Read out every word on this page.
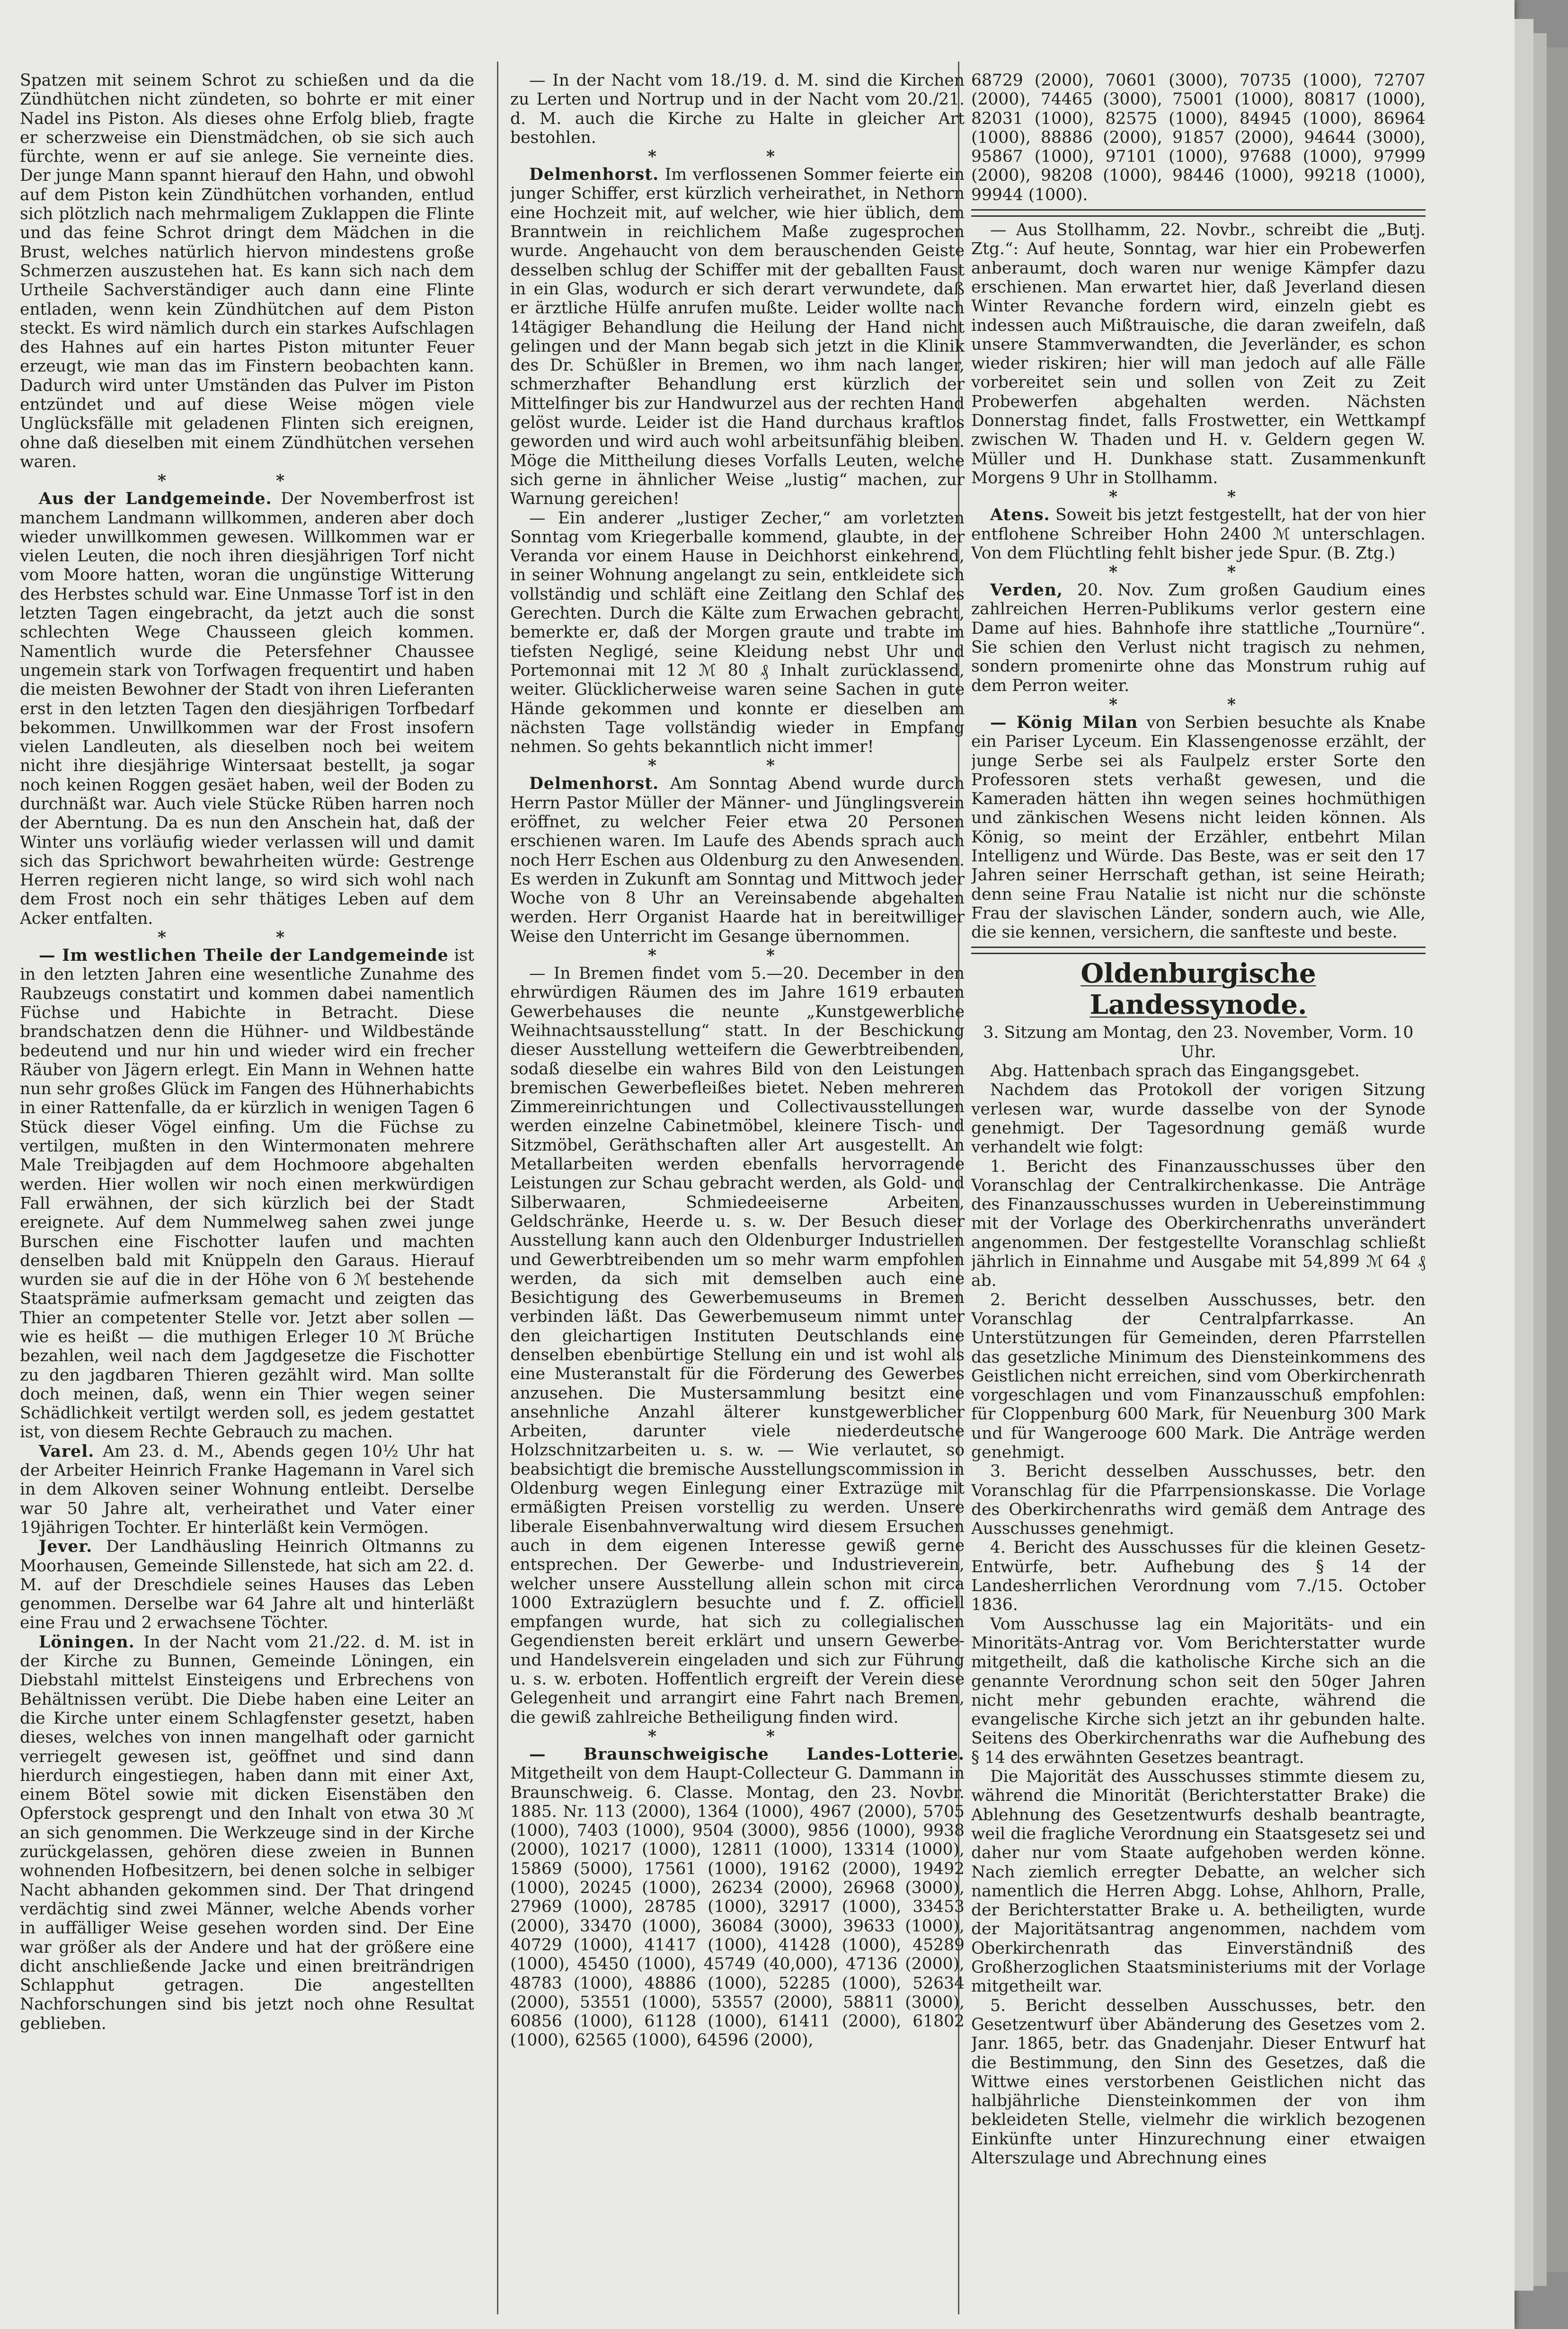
Spatzen mit seinem Schrot zu schießen und da die Zündhütchen nicht zündeten, so bohrte er mit einer Nadel ins Piston. Als dieses ohne Erfolg blieb, fragte er scherzweise ein Dienstmädchen, ob sie sich auch fürchte, wenn er auf sie anlege. Sie verneinte dies. Der junge Mann spannt hierauf den Hahn, und obwohl auf dem Piston kein Zündhütchen vorhanden, entlud sich plötzlich nach mehrmaligem Zuklappen die Flinte und das feine Schrot dringt dem Mädchen in die Brust, welches natürlich hiervon mindestens große Schmerzen auszustehen hat. Es kann sich nach dem Urtheile Sachverständiger auch dann eine Flinte entladen, wenn kein Zündhütchen auf dem Piston steckt. Es wird nämlich durch ein starkes Aufschlagen des Hahnes auf ein hartes Piston mitunter Feuer erzeugt, wie man das im Finstern beobachten kann. Dadurch wird unter Umständen das Pulver im Piston entzündet und auf diese Weise mögen viele Unglücksfälle mit geladenen Flinten sich ereignen, ohne daß dieselben mit einem Zündhütchen versehen waren.

* *

Aus der Landgemeinde. Der Novemberfrost ist manchem Landmann willkommen, anderen aber doch wieder unwillkommen gewesen. Willkommen war er vielen Leuten, die noch ihren diesjährigen Torf nicht vom Moore hatten, woran die ungünstige Witterung des Herbstes schuld war. Eine Unmasse Torf ist in den letzten Tagen eingebracht, da jetzt auch die sonst schlechten Wege Chausseen gleich kommen. Namentlich wurde die Petersfehner Chaussee ungemein stark von Torfwagen frequentirt und haben die meisten Bewohner der Stadt von ihren Lieferanten erst in den letzten Tagen den diesjährigen Torfbedarf bekommen. Unwillkommen war der Frost insofern vielen Landleuten, als dieselben noch bei weitem nicht ihre diesjährige Wintersaat bestellt, ja sogar noch keinen Roggen gesäet haben, weil der Boden zu durchnäßt war. Auch viele Stücke Rüben harren noch der Aberntung. Da es nun den Anschein hat, daß der Winter uns vorläufig wieder verlassen will und damit sich das Sprichwort bewahrheiten würde: Gestrenge Herren regieren nicht lange, so wird sich wohl nach dem Frost noch ein sehr thätiges Leben auf dem Acker entfalten.

* *

— Im westlichen Theile der Landgemeinde ist in den letzten Jahren eine wesentliche Zunahme des Raubzeugs constatirt und kommen dabei namentlich Füchse und Habichte in Betracht. Diese brandschatzen denn die Hühner- und Wildbestände bedeutend und nur hin und wieder wird ein frecher Räuber von Jägern erlegt. Ein Mann in Wehnen hatte nun sehr großes Glück im Fangen des Hühnerhabichts in einer Rattenfalle, da er kürzlich in wenigen Tagen 6 Stück dieser Vögel einfing. Um die Füchse zu vertilgen, mußten in den Wintermonaten mehrere Male Treibjagden auf dem Hochmoore abgehalten werden. Hier wollen wir noch einen merkwürdigen Fall erwähnen, der sich kürzlich bei der Stadt ereignete. Auf dem Nummelweg sahen zwei junge Burschen eine Fischotter laufen und machten denselben bald mit Knüppeln den Garaus. Hierauf wurden sie auf die in der Höhe von 6 ℳ bestehende Staatsprämie aufmerksam gemacht und zeigten das Thier an competenter Stelle vor. Jetzt aber sollen — wie es heißt — die muthigen Erleger 10 ℳ Brüche bezahlen, weil nach dem Jagdgesetze die Fischotter zu den jagdbaren Thieren gezählt wird. Man sollte doch meinen, daß, wenn ein Thier wegen seiner Schädlichkeit vertilgt werden soll, es jedem gestattet ist, von diesem Rechte Gebrauch zu machen.

Varel. Am 23. d. M., Abends gegen 10½ Uhr hat der Arbeiter Heinrich Franke Hagemann in Varel sich in dem Alkoven seiner Wohnung entleibt. Derselbe war 50 Jahre alt, verheirathet und Vater einer 19jährigen Tochter. Er hinterläßt kein Vermögen.

Jever. Der Landhäusling Heinrich Oltmanns zu Moorhausen, Gemeinde Sillenstede, hat sich am 22. d. M. auf der Dreschdiele seines Hauses das Leben genommen. Derselbe war 64 Jahre alt und hinterläßt eine Frau und 2 erwachsene Töchter.

Löningen. In der Nacht vom 21./22. d. M. ist in der Kirche zu Bunnen, Gemeinde Löningen, ein Diebstahl mittelst Einsteigens und Erbrechens von Behältnissen verübt. Die Diebe haben eine Leiter an die Kirche unter einem Schlagfenster gesetzt, haben dieses, welches von innen mangelhaft oder garnicht verriegelt gewesen ist, geöffnet und sind dann hierdurch eingestiegen, haben dann mit einer Axt, einem Bötel sowie mit dicken Eisenstäben den Opferstock gesprengt und den Inhalt von etwa 30 ℳ an sich genommen. Die Werkzeuge sind in der Kirche zurückgelassen, gehören diese zweien in Bunnen wohnenden Hofbesitzern, bei denen solche in selbiger Nacht abhanden gekommen sind. Der That dringend verdächtig sind zwei Männer, welche Abends vorher in auffälliger Weise gesehen worden sind. Der Eine war größer als der Andere und hat der größere eine dicht anschließende Jacke und einen breiträndrigen Schlapphut getragen. Die angestellten Nachforschungen sind bis jetzt noch ohne Resultat geblieben.

— In der Nacht vom 18./19. d. M. sind die Kirchen zu Lerten und Nortrup und in der Nacht vom 20./21. d. M. auch die Kirche zu Halte in gleicher Art bestohlen.

* *

Delmenhorst. Im verflossenen Sommer feierte ein junger Schiffer, erst kürzlich verheirathet, in Nethorn eine Hochzeit mit, auf welcher, wie hier üblich, dem Branntwein in reichlichem Maße zugesprochen wurde. Angehaucht von dem berauschenden Geiste desselben schlug der Schiffer mit der geballten Faust in ein Glas, wodurch er sich derart verwundete, daß er ärztliche Hülfe anrufen mußte. Leider wollte nach 14tägiger Behandlung die Heilung der Hand nicht gelingen und der Mann begab sich jetzt in die Klinik des Dr. Schüßler in Bremen, wo ihm nach langer, schmerzhafter Behandlung erst kürzlich der Mittelfinger bis zur Handwurzel aus der rechten Hand gelöst wurde. Leider ist die Hand durchaus kraftlos geworden und wird auch wohl arbeitsunfähig bleiben. Möge die Mittheilung dieses Vorfalls Leuten, welche sich gerne in ähnlicher Weise „lustig“ machen, zur Warnung gereichen!

— Ein anderer „lustiger Zecher,“ am vorletzten Sonntag vom Kriegerballe kommend, glaubte, in der Veranda vor einem Hause in Deichhorst einkehrend, in seiner Wohnung angelangt zu sein, entkleidete sich vollständig und schläft eine Zeitlang den Schlaf des Gerechten. Durch die Kälte zum Erwachen gebracht, bemerkte er, daß der Morgen graute und trabte im tiefsten Negligé, seine Kleidung nebst Uhr und Portemonnai mit 12 ℳ 80 ₰ Inhalt zurücklassend, weiter. Glücklicherweise waren seine Sachen in gute Hände gekommen und konnte er dieselben am nächsten Tage vollständig wieder in Empfang nehmen. So gehts bekanntlich nicht immer!

* *

Delmenhorst. Am Sonntag Abend wurde durch Herrn Pastor Müller der Männer- und Jünglingsverein eröffnet, zu welcher Feier etwa 20 Personen erschienen waren. Im Laufe des Abends sprach auch noch Herr Eschen aus Oldenburg zu den Anwesenden. Es werden in Zukunft am Sonntag und Mittwoch jeder Woche von 8 Uhr an Vereinsabende abgehalten werden. Herr Organist Haarde hat in bereitwilliger Weise den Unterricht im Gesange übernommen.

* *

— In Bremen findet vom 5.—20. December in den ehrwürdigen Räumen des im Jahre 1619 erbauten Gewerbehauses die neunte „Kunstgewerbliche Weihnachtsausstellung“ statt. In der Beschickung dieser Ausstellung wetteifern die Gewerbtreibenden, sodaß dieselbe ein wahres Bild von den Leistungen bremischen Gewerbefleißes bietet. Neben mehreren Zimmereinrichtungen und Collectivausstellungen werden einzelne Cabinetmöbel, kleinere Tisch- und Sitzmöbel, Geräthschaften aller Art ausgestellt. An Metallarbeiten werden ebenfalls hervorragende Leistungen zur Schau gebracht werden, als Gold- und Silberwaaren, Schmiedeeiserne Arbeiten, Geldschränke, Heerde u. s. w. Der Besuch dieser Ausstellung kann auch den Oldenburger Industriellen und Gewerbtreibenden um so mehr warm empfohlen werden, da sich mit demselben auch eine Besichtigung des Gewerbemuseums in Bremen verbinden läßt. Das Gewerbemuseum nimmt unter den gleichartigen Instituten Deutschlands eine denselben ebenbürtige Stellung ein und ist wohl als eine Musteranstalt für die Förderung des Gewerbes anzusehen. Die Mustersammlung besitzt eine ansehnliche Anzahl älterer kunstgewerblicher Arbeiten, darunter viele niederdeutsche Holzschnitzarbeiten u. s. w. — Wie verlautet, so beabsichtigt die bremische Ausstellungscommission in Oldenburg wegen Einlegung einer Extrazüge mit ermäßigten Preisen vorstellig zu werden. Unsere liberale Eisenbahnverwaltung wird diesem Ersuchen auch in dem eigenen Interesse gewiß gerne entsprechen. Der Gewerbe- und Industrieverein, welcher unsere Ausstellung allein schon mit circa 1000 Extrazüglern besuchte und f. Z. officiell empfangen wurde, hat sich zu collegialischen Gegendiensten bereit erklärt und unsern Gewerbe- und Handelsverein eingeladen und sich zur Führung u. s. w. erboten. Hoffentlich ergreift der Verein diese Gelegenheit und arrangirt eine Fahrt nach Bremen, die gewiß zahlreiche Betheiligung finden wird.

* *

— Braunschweigische Landes-Lotterie. Mitgetheilt von dem Haupt-Collecteur G. Dammann in Braunschweig. 6. Classe. Montag, den 23. Novbr. 1885. Nr. 113 (2000), 1364 (1000), 4967 (2000), 5705 (1000), 7403 (1000), 9504 (3000), 9856 (1000), 9938 (2000), 10217 (1000), 12811 (1000), 13314 (1000), 15869 (5000), 17561 (1000), 19162 (2000), 19492 (1000), 20245 (1000), 26234 (2000), 26968 (3000), 27969 (1000), 28785 (1000), 32917 (1000), 33453 (2000), 33470 (1000), 36084 (3000), 39633 (1000), 40729 (1000), 41417 (1000), 41428 (1000), 45289 (1000), 45450 (1000), 45749 (40,000), 47136 (2000), 48783 (1000), 48886 (1000), 52285 (1000), 52634 (2000), 53551 (1000), 53557 (2000), 58811 (3000), 60856 (1000), 61128 (1000), 61411 (2000), 61802 (1000), 62565 (1000), 64596 (2000),

68729 (2000), 70601 (3000), 70735 (1000), 72707 (2000), 74465 (3000), 75001 (1000), 80817 (1000), 82031 (1000), 82575 (1000), 84945 (1000), 86964 (1000), 88886 (2000), 91857 (2000), 94644 (3000), 95867 (1000), 97101 (1000), 97688 (1000), 97999 (2000), 98208 (1000), 98446 (1000), 99218 (1000), 99944 (1000).

— Aus Stollhamm, 22. Novbr., schreibt die „Butj. Ztg.“: Auf heute, Sonntag, war hier ein Probewerfen anberaumt, doch waren nur wenige Kämpfer dazu erschienen. Man erwartet hier, daß Jeverland diesen Winter Revanche fordern wird, einzeln giebt es indessen auch Mißtrauische, die daran zweifeln, daß unsere Stammverwandten, die Jeverländer, es schon wieder riskiren; hier will man jedoch auf alle Fälle vorbereitet sein und sollen von Zeit zu Zeit Probewerfen abgehalten werden. Nächsten Donnerstag findet, falls Frostwetter, ein Wettkampf zwischen W. Thaden und H. v. Geldern gegen W. Müller und H. Dunkhase statt. Zusammenkunft Morgens 9 Uhr in Stollhamm.

* *

Atens. Soweit bis jetzt festgestellt, hat der von hier entflohene Schreiber Hohn 2400 ℳ unterschlagen. Von dem Flüchtling fehlt bisher jede Spur. (B. Ztg.)

* *

Verden, 20. Nov. Zum großen Gaudium eines zahlreichen Herren-Publikums verlor gestern eine Dame auf hies. Bahnhofe ihre stattliche „Tournüre“. Sie schien den Verlust nicht tragisch zu nehmen, sondern promenirte ohne das Monstrum ruhig auf dem Perron weiter.

* *

— König Milan von Serbien besuchte als Knabe ein Pariser Lyceum. Ein Klassengenosse erzählt, der junge Serbe sei als Faulpelz erster Sorte den Professoren stets verhaßt gewesen, und die Kameraden hätten ihn wegen seines hochmüthigen und zänkischen Wesens nicht leiden können. Als König, so meint der Erzähler, entbehrt Milan Intelligenz und Würde. Das Beste, was er seit den 17 Jahren seiner Herrschaft gethan, ist seine Heirath; denn seine Frau Natalie ist nicht nur die schönste Frau der slavischen Länder, sondern auch, wie Alle, die sie kennen, versichern, die sanfteste und beste.

Oldenburgische Landessynode.

3. Sitzung am Montag, den 23. November, Vorm. 10 Uhr.

Abg. Hattenbach sprach das Eingangsgebet.

Nachdem das Protokoll der vorigen Sitzung verlesen war, wurde dasselbe von der Synode genehmigt. Der Tagesordnung gemäß wurde verhandelt wie folgt:

1. Bericht des Finanzausschusses über den Voranschlag der Centralkirchenkasse. Die Anträge des Finanzausschusses wurden in Uebereinstimmung mit der Vorlage des Oberkirchenraths unverändert angenommen. Der festgestellte Voranschlag schließt jährlich in Einnahme und Ausgabe mit 54,899 ℳ 64 ₰ ab.

2. Bericht desselben Ausschusses, betr. den Voranschlag der Centralpfarrkasse. An Unterstützungen für Gemeinden, deren Pfarrstellen das gesetzliche Minimum des Diensteinkommens des Geistlichen nicht erreichen, sind vom Oberkirchenrath vorgeschlagen und vom Finanzausschuß empfohlen: für Cloppenburg 600 Mark, für Neuenburg 300 Mark und für Wangerooge 600 Mark. Die Anträge werden genehmigt.

3. Bericht desselben Ausschusses, betr. den Voranschlag für die Pfarrpensionskasse. Die Vorlage des Oberkirchenraths wird gemäß dem Antrage des Ausschusses genehmigt.

4. Bericht des Ausschusses für die kleinen Gesetz-Entwürfe, betr. Aufhebung des § 14 der Landesherrlichen Verordnung vom 7./15. October 1836.

Vom Ausschusse lag ein Majoritäts- und ein Minoritäts-Antrag vor. Vom Berichterstatter wurde mitgetheilt, daß die katholische Kirche sich an die genannte Verordnung schon seit den 50ger Jahren nicht mehr gebunden erachte, während die evangelische Kirche sich jetzt an ihr gebunden halte. Seitens des Oberkirchenraths war die Aufhebung des § 14 des erwähnten Gesetzes beantragt.

Die Majorität des Ausschusses stimmte diesem zu, während die Minorität (Berichterstatter Brake) die Ablehnung des Gesetzentwurfs deshalb beantragte, weil die fragliche Verordnung ein Staatsgesetz sei und daher nur vom Staate aufgehoben werden könne. Nach ziemlich erregter Debatte, an welcher sich namentlich die Herren Abgg. Lohse, Ahlhorn, Pralle, der Berichterstatter Brake u. A. betheiligten, wurde der Majoritätsantrag angenommen, nachdem vom Oberkirchenrath das Einverständniß des Großherzoglichen Staatsministeriums mit der Vorlage mitgetheilt war.

5. Bericht desselben Ausschusses, betr. den Gesetzentwurf über Abänderung des Gesetzes vom 2. Janr. 1865, betr. das Gnadenjahr. Dieser Entwurf hat die Bestimmung, den Sinn des Gesetzes, daß die Wittwe eines verstorbenen Geistlichen nicht das halbjährliche Diensteinkommen der von ihm bekleideten Stelle, vielmehr die wirklich bezogenen Einkünfte unter Hinzurechnung einer etwaigen Alterszulage und Abrechnung eines
